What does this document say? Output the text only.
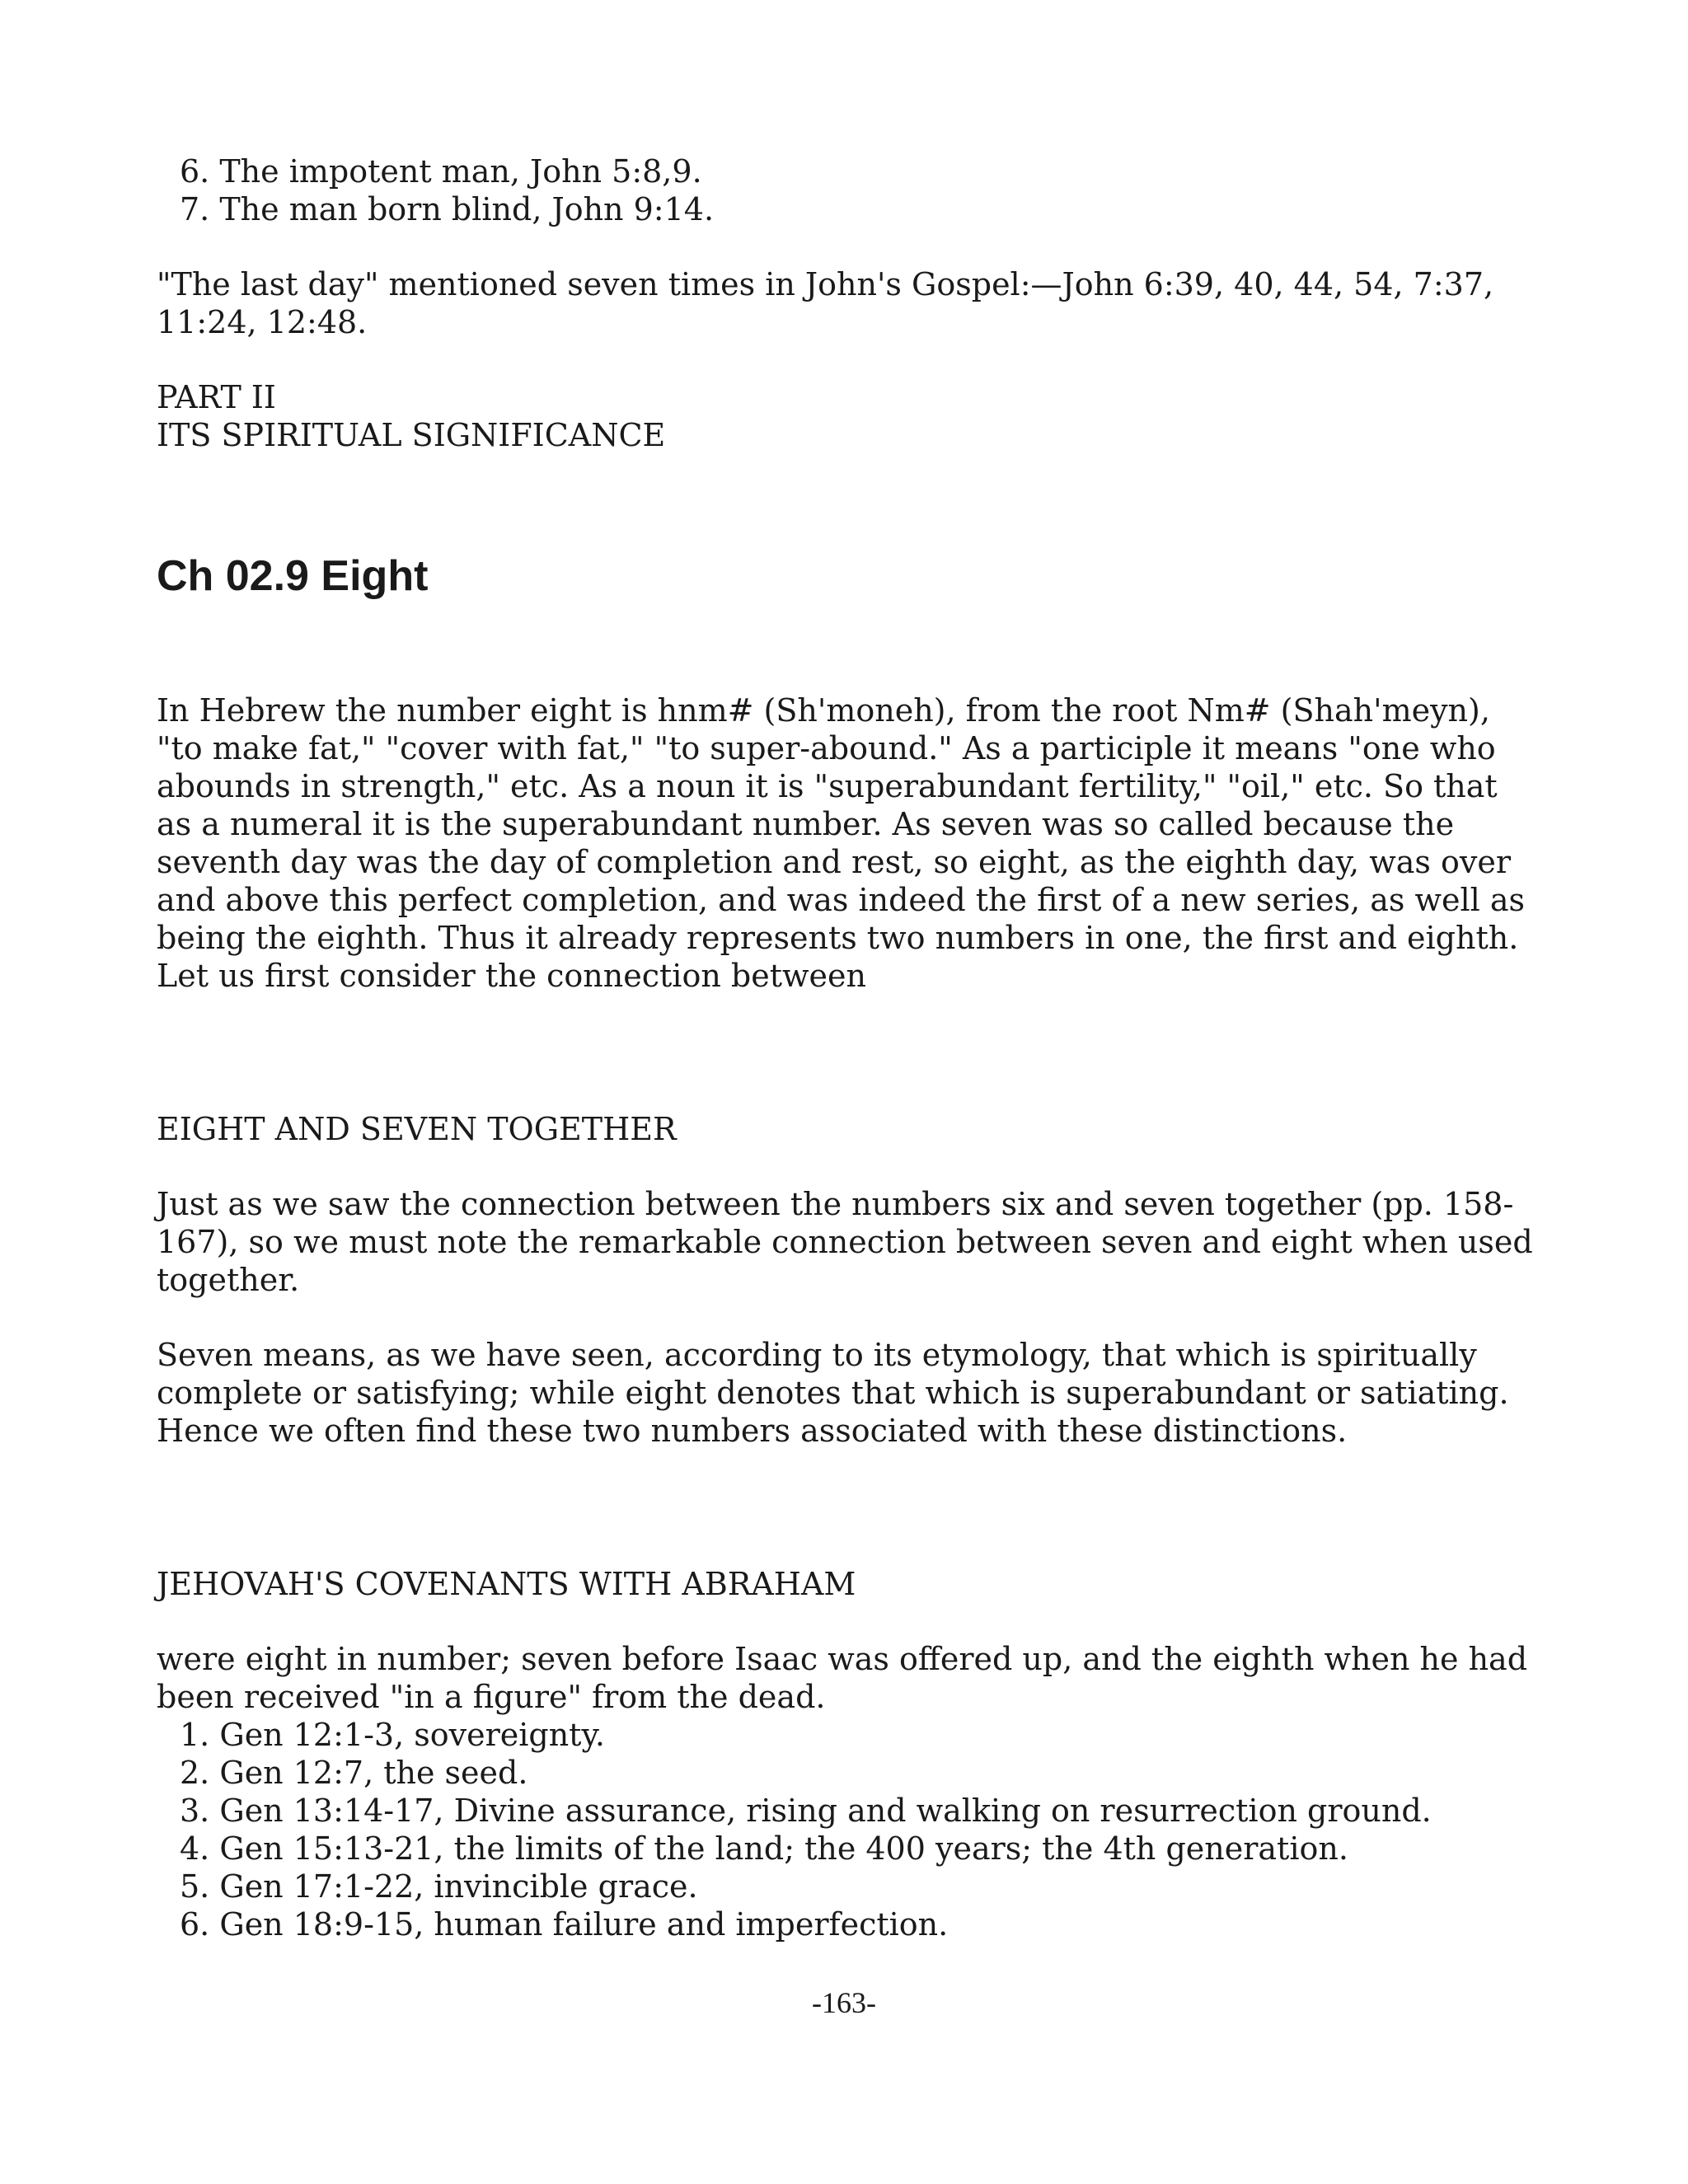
6. The impotent man, John 5:8,9.
7. The man born blind, John 9:14.

"The last day" mentioned seven times in John's Gospel:—John 6:39, 40, 44, 54, 7:37, 11:24, 12:48.

PART II
ITS SPIRITUAL SIGNIFICANCE
Ch 02.9 Eight

In Hebrew the number eight is hnm# (Sh'moneh), from the root Nm# (Shah'meyn), "to make fat," "cover with fat," "to super-abound." As a participle it means "one who abounds in strength," etc. As a noun it is "superabundant fertility," "oil," etc. So that as a numeral it is the superabundant number. As seven was so called because the seventh day was the day of completion and rest, so eight, as the eighth day, was over and above this perfect completion, and was indeed the first of a new series, as well as being the eighth. Thus it already represents two numbers in one, the first and eighth. Let us first consider the connection between

EIGHT AND SEVEN TOGETHER

Just as we saw the connection between the numbers six and seven together (pp. 158-167), so we must note the remarkable connection between seven and eight when used together.

Seven means, as we have seen, according to its etymology, that which is spiritually complete or satisfying; while eight denotes that which is superabundant or satiating. Hence we often find these two numbers associated with these distinctions.

JEHOVAH'S COVENANTS WITH ABRAHAM

were eight in number; seven before Isaac was offered up, and the eighth when he had been received "in a figure" from the dead.

1. Gen 12:1-3, sovereignty.
2. Gen 12:7, the seed.
3. Gen 13:14-17, Divine assurance, rising and walking on resurrection ground.
4. Gen 15:13-21, the limits of the land; the 400 years; the 4th generation.
5. Gen 17:1-22, invincible grace.
6. Gen 18:9-15, human failure and imperfection.
-163-
